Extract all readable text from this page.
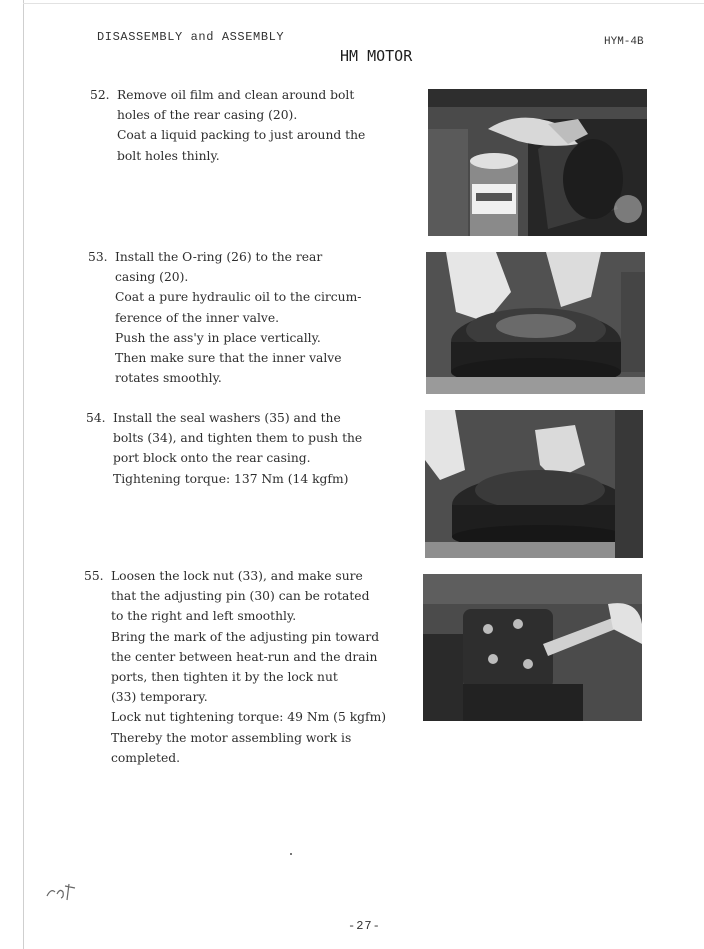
DISASSEMBLY and ASSEMBLY
HM MOTOR
HYM-4B
52. Remove oil film and clean around bolt
holes of the rear casing (20).
Coat a liquid packing to just around the
bolt holes thinly.
53. Install the O-ring (26) to the rear
casing (20).
Coat a pure hydraulic oil to the circum-
ference of the inner valve.
Push the ass'y in place vertically.
Then make sure that the inner valve
rotates smoothly.
54. Install the seal washers (35) and the
bolts (34), and tighten them to push the
port block onto the rear casing.
Tightening torque: 137 Nm (14 kgfm)
55. Loosen the lock nut (33), and make sure
that the adjusting pin (30) can be rotated
to the right and left smoothly.
Bring the mark of the adjusting pin toward
the center between heat-run and the drain
ports, then tighten it by the lock nut
(33) temporary.
Lock nut tightening torque: 49 Nm (5 kgfm)
Thereby the motor assembling work is
completed.
-27-
